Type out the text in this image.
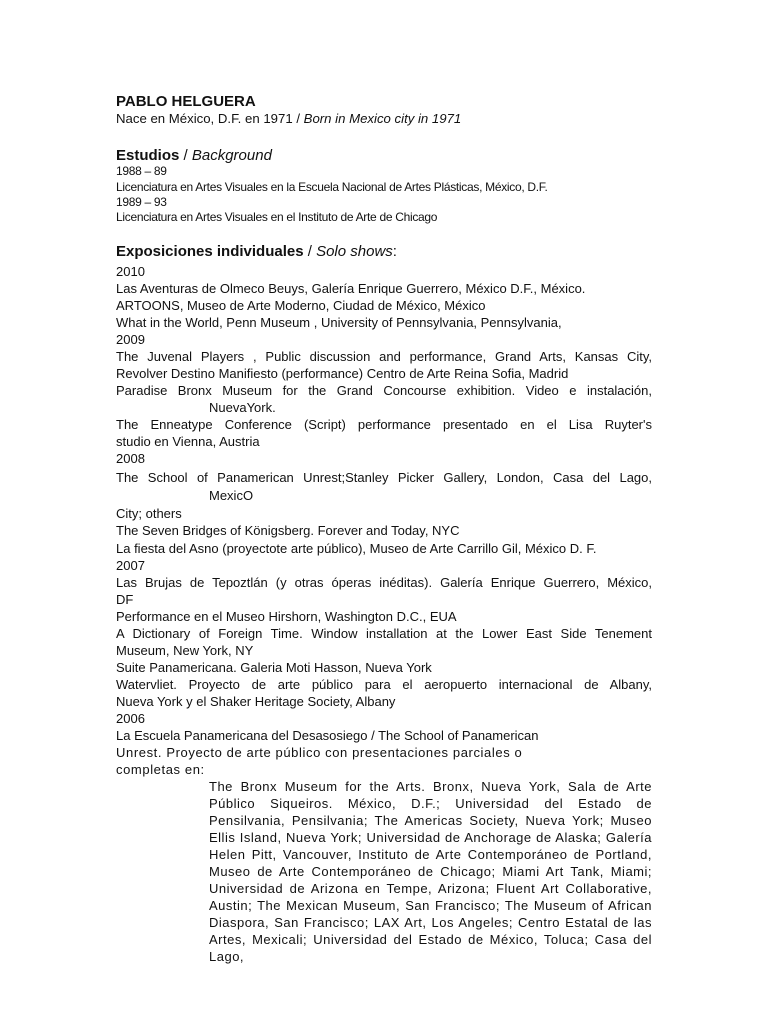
PABLO HELGUERA
Nace en México, D.F. en 1971 / Born in Mexico city in 1971
Estudios / Background
1988 – 89
Licenciatura en Artes Visuales en la Escuela Nacional de Artes Plásticas, México, D.F.
1989 – 93
Licenciatura en Artes Visuales en el Instituto de Arte de Chicago
Exposiciones individuales / Solo shows:
2010
Las Aventuras de Olmeco Beuys, Galería Enrique Guerrero, México D.F., México.
ARTOONS, Museo de Arte Moderno, Ciudad de México, México
What in the World, Penn Museum , University of Pennsylvania, Pennsylvania,
2009
The Juvenal Players , Public discussion and performance, Grand Arts, Kansas City,
Revolver Destino Manifiesto (performance) Centro de Arte Reina Sofia, Madrid
Paradise Bronx Museum for the Grand Concourse exhibition. Video e instalación,
NuevaYork.
The Enneatype Conference (Script) performance presentado en el Lisa Ruyter's
studio en Vienna, Austria
2008
The School of Panamerican Unrest;Stanley Picker Gallery, London, Casa del Lago,
MexicO
City; others
The Seven Bridges of Königsberg. Forever and Today, NYC
La fiesta del Asno (proyectote arte público), Museo de Arte Carrillo Gil, México D. F.
2007
Las Brujas de Tepoztlán (y otras óperas inéditas). Galería Enrique Guerrero, México,
DF
Performance en el Museo Hirshorn, Washington D.C., EUA
A Dictionary of Foreign Time. Window installation at the Lower East Side Tenement
Museum, New York, NY
Suite Panamericana. Galeria Moti Hasson, Nueva York
Watervliet. Proyecto de arte público para el aeropuerto internacional de Albany,
Nueva York y el Shaker Heritage Society, Albany
2006
La Escuela Panamericana del Desasosiego / The School of Panamerican
Unrest. Proyecto de arte público con presentaciones parciales o
completas en:
The Bronx Museum for the Arts. Bronx, Nueva York, Sala de Arte Público Siqueiros. México, D.F.; Universidad del Estado de Pensilvania, Pensilvania; The Americas Society, Nueva York; Museo Ellis Island, Nueva York; Universidad de Anchorage de Alaska; Galería Helen Pitt, Vancouver, Instituto de Arte Contemporáneo de Portland, Museo de Arte Contemporáneo de Chicago; Miami Art Tank, Miami; Universidad de Arizona en Tempe, Arizona; Fluent Art Collaborative, Austin; The Mexican Museum, San Francisco; The Museum of African Diaspora, San Francisco; LAX Art, Los Angeles; Centro Estatal de las Artes, Mexicali; Universidad del Estado de México, Toluca; Casa del Lago,
